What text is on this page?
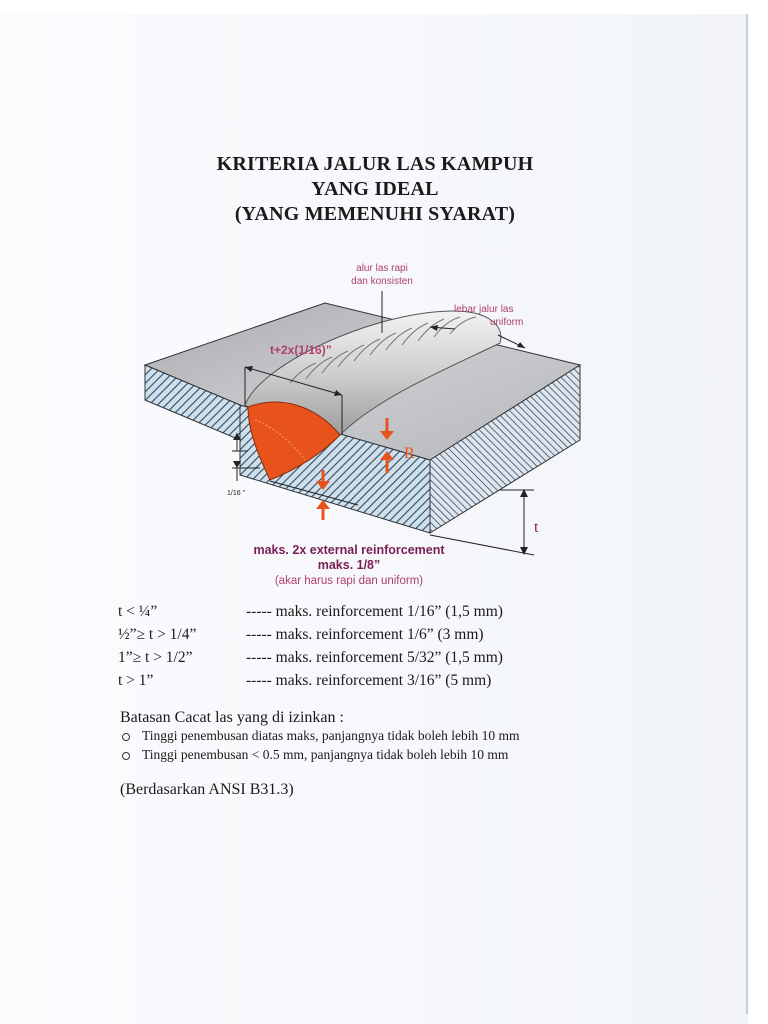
KRITERIA JALUR LAS KAMPUH
YANG IDEAL
(YANG MEMENUHI SYARAT)
t+2x(1/16)”
alur las rapi
dan konsisten
lebar jalur las
uniform
R
1/16 ”
t
maks. 2x external reinforcement
maks. 1/8”
(akar harus rapi dan uniform)
t < ¼”	----- maks. reinforcement 1/16” (1,5 mm)
½”≥ t > 1/4”	----- maks. reinforcement 1/6” (3 mm)
1”≥ t > 1/2”	----- maks. reinforcement 5/32” (1,5 mm)
t > 1”	----- maks. reinforcement 3/16” (5 mm)
Batasan Cacat las yang di izinkan :
Tinggi penembusan diatas maks, panjangnya tidak boleh lebih 10 mm
Tinggi penembusan < 0.5 mm, panjangnya tidak boleh lebih 10 mm
(Berdasarkan ANSI B31.3)
